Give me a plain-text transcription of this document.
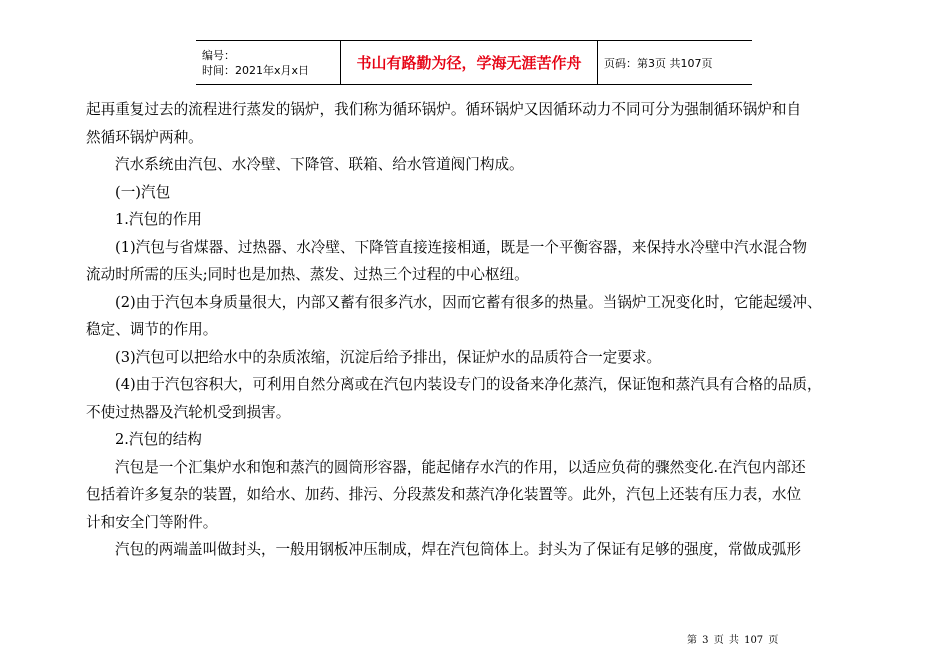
编号：
时间：2021年x月x日	书山有路勤为径，学海无涯苦作舟	页码：第3页 共107页

起再重复过去的流程进行蒸发的锅炉，我们称为循环锅炉。循环锅炉又因循环动力不同可分为强制循环锅炉和自

然循环锅炉两种。

汽水系统由汽包、水冷壁、下降管、联箱、给水管道阀门构成。

(一)汽包

1.汽包的作用

(1)汽包与省煤器、过热器、水冷壁、下降管直接连接相通，既是一个平衡容器，来保持水冷壁中汽水混合物

流动时所需的压头;同时也是加热、蒸发、过热三个过程的中心枢纽。

(2)由于汽包本身质量很大，内部又蓄有很多汽水，因而它蓄有很多的热量。当锅炉工况变化时，它能起缓冲、

稳定、调节的作用。

(3)汽包可以把给水中的杂质浓缩，沉淀后给予排出，保证炉水的品质符合一定要求。

(4)由于汽包容积大，可利用自然分离或在汽包内装设专门的设备来净化蒸汽，保证饱和蒸汽具有合格的品质，

不使过热器及汽轮机受到损害。

2.汽包的结构

汽包是一个汇集炉水和饱和蒸汽的圆筒形容器，能起储存水汽的作用，以适应负荷的骤然变化.在汽包内部还

包括着许多复杂的装置，如给水、加药、排污、分段蒸发和蒸汽净化装置等。此外，汽包上还装有压力表，水位

计和安全门等附件。

汽包的两端盖叫做封头，一般用钢板冲压制成，焊在汽包筒体上。封头为了保证有足够的强度，常做成弧形

第 3 页 共 107 页
